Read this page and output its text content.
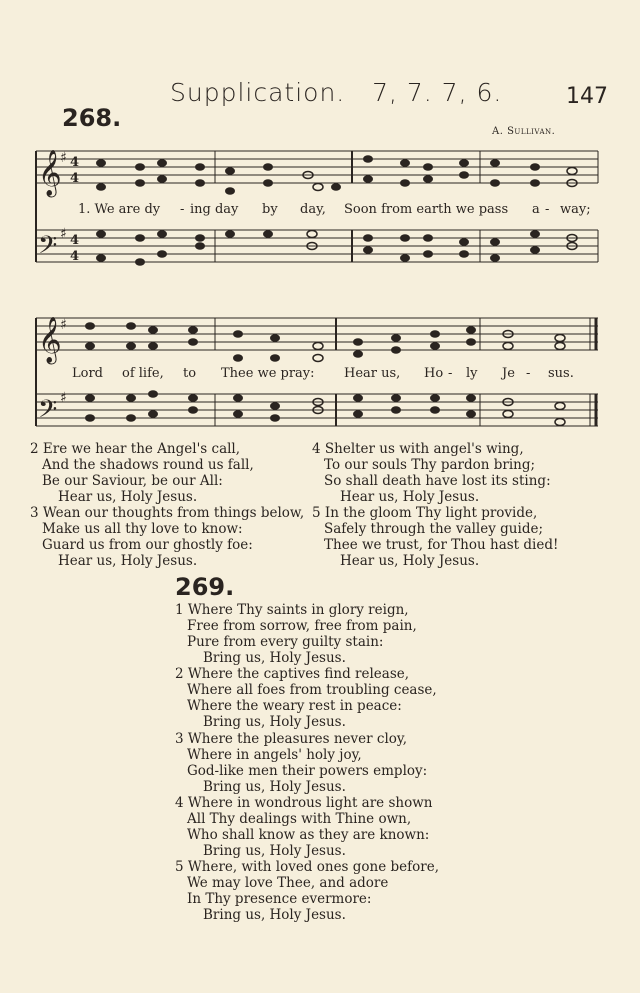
Supplication.   7, 7. 7, 6.	147
268.	A. Sullivan.
𝄞
𝄢
𝄞
𝄢
♯
♯
♯
♯
4
4
4
4
1. We are dy - ing day by day, Soon from earth we pass a - way;
Lord of life, to Thee we pray: Hear us, Ho - ly Je - sus.
2 Ere we hear the Angel's call,
And the shadows round us fall,
Be our Saviour, be our All:
Hear us, Holy Jesus.
3 Wean our thoughts from things below,
Make us all thy love to know:
Guard us from our ghostly foe:
Hear us, Holy Jesus.
4 Shelter us with angel's wing,
To our souls Thy pardon bring;
So shall death have lost its sting:
Hear us, Holy Jesus.
5 In the gloom Thy light provide,
Safely through the valley guide;
Thee we trust, for Thou hast died!
Hear us, Holy Jesus.
269.
1 Where Thy saints in glory reign,
Free from sorrow, free from pain,
Pure from every guilty stain:
Bring us, Holy Jesus.
2 Where the captives find release,
Where all foes from troubling cease,
Where the weary rest in peace:
Bring us, Holy Jesus.
3 Where the pleasures never cloy,
Where in angels' holy joy,
God-like men their powers employ:
Bring us, Holy Jesus.
4 Where in wondrous light are shown
All Thy dealings with Thine own,
Who shall know as they are known:
Bring us, Holy Jesus.
5 Where, with loved ones gone before,
We may love Thee, and adore
In Thy presence evermore:
Bring us, Holy Jesus.
